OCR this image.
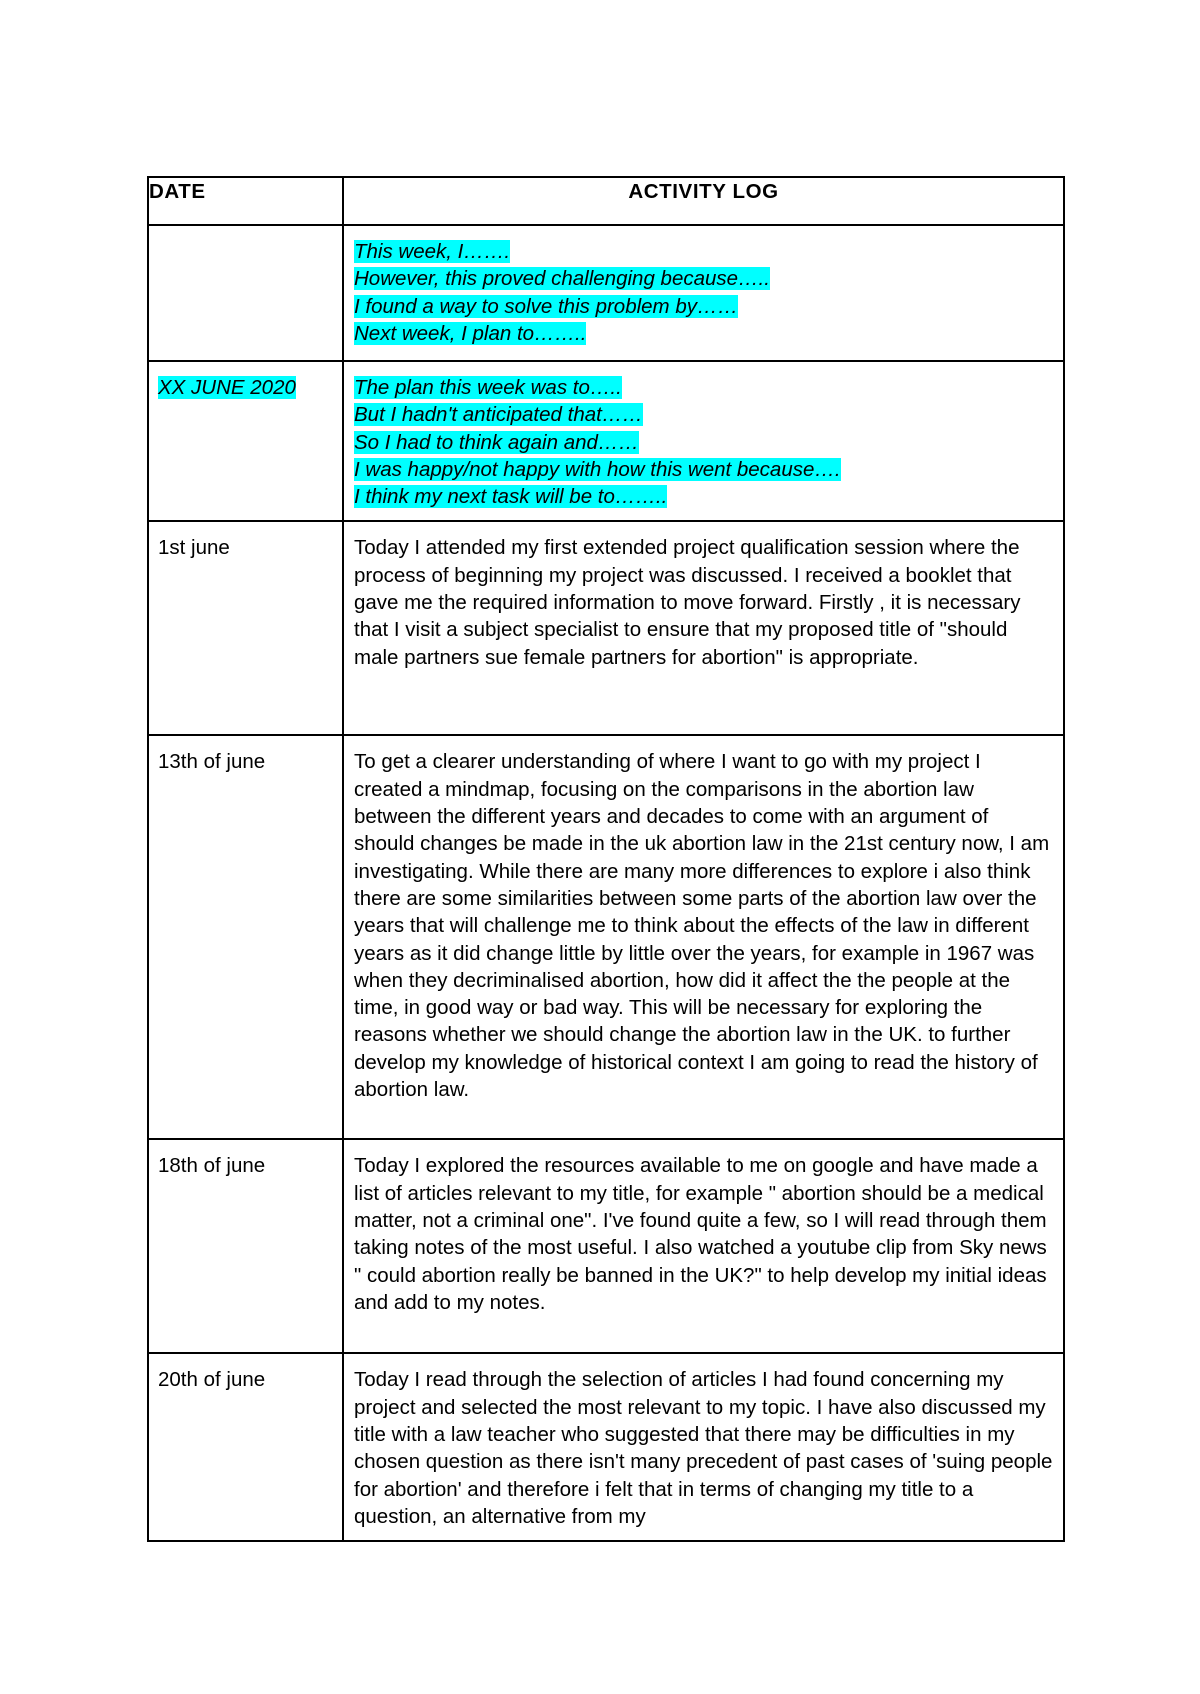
DATE	ACTIVITY LOG

	This week, I…….
However, this proved challenging because…..
I found a way to solve this problem by……
Next week, I plan to……..

XX JUNE 2020	The plan this week was to…..
But I hadn't anticipated that……
So I had to think again and……
I was happy/not happy with how this went because….
I think my next task will be to……..

1st june	Today I attended my first extended project qualification session where the process of beginning my project was discussed. I received a booklet that gave me the required information to move forward. Firstly , it is necessary that I visit a subject specialist to ensure that my proposed title of "should male partners sue female partners for abortion" is appropriate.

13th of june	To get a clearer understanding of where I want to go with my project I created a mindmap, focusing on the comparisons in the abortion law between the different years and decades to come with an argument of should changes be made in the uk abortion law in the 21st century now, I am investigating. While there are many more differences to explore i also think there are some similarities between some parts of the abortion law over the years that will challenge me to think about the effects of the law in different years as it did change little by little over the years, for example in 1967 was when they decriminalised abortion, how did it affect the the people at the time, in good way or bad way. This will be necessary for exploring the reasons whether we should change the abortion law in the UK. to further develop my knowledge of historical context I am going to read the history of abortion law.

18th of june	Today I explored the resources available to me on google and have made a list of articles relevant to my title, for example " abortion should be a medical matter, not a criminal one". I've found quite a few, so I will read through them taking notes of the most useful. I also watched a youtube clip from Sky news " could abortion really be banned in the UK?" to help develop my initial ideas and add to my notes.

20th of june	Today I read through the selection of articles I had found concerning my project and selected the most relevant to my topic. I have also discussed my title with a law teacher who suggested that there may be difficulties in my chosen question as there isn't many precedent of past cases of 'suing people for abortion' and therefore i felt that in terms of changing my title to a question, an alternative from my
